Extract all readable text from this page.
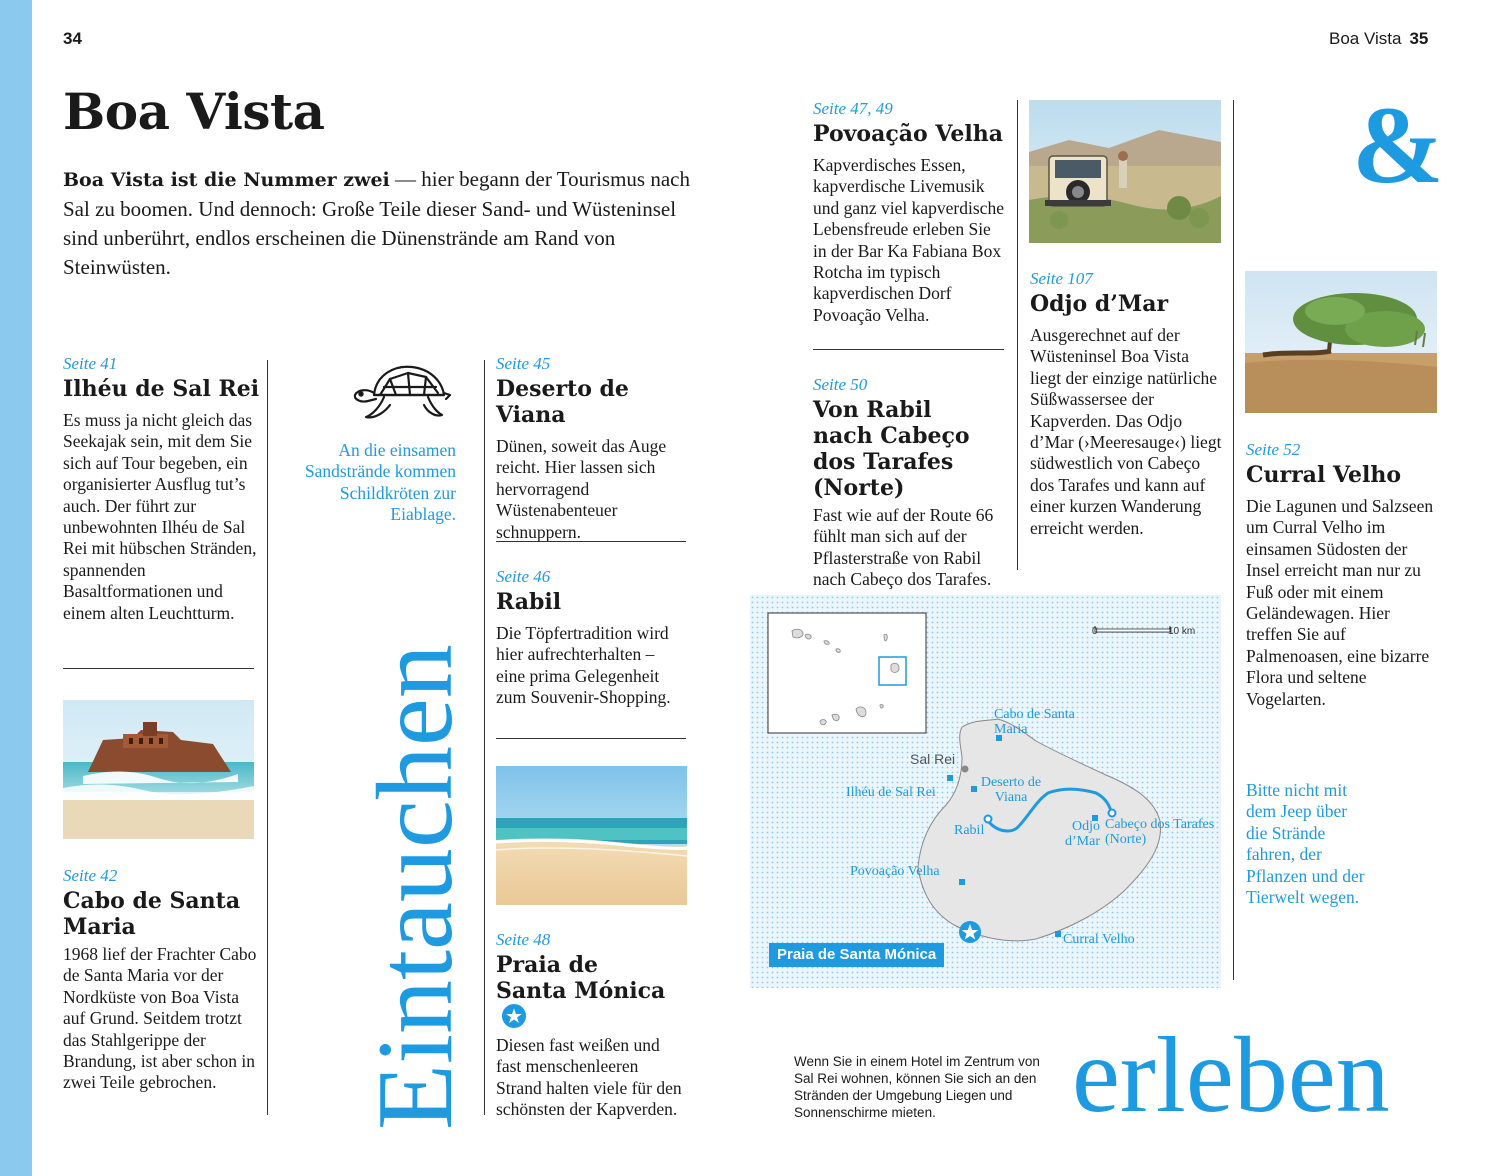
34	Boa Vista 35
Boa Vista
Boa Vista ist die Nummer zwei — hier begann der Tourismus nach Sal zu boomen. Und dennoch: Große Teile dieser Sand- und Wüsteninsel sind unberührt, endlos erscheinen die Dünenstrände am Rand von Steinwüsten.
Seite 41
Ilhéu de Sal Rei
Es muss ja nicht gleich das Seekajak sein, mit dem Sie sich auf Tour begeben, ein organisierter Ausflug tut’s auch. Der führt zur unbewohnten Ilhéu de Sal Rei mit hübschen Stränden, spannenden Basaltformationen und einem alten Leuchtturm.
Seite 42
Cabo de Santa Maria
1968 lief der Frachter Cabo de Santa Maria vor der Nordküste von Boa Vista auf Grund. Seitdem trotzt das Stahlgerippe der Brandung, ist aber schon in zwei Teile gebrochen.
An die einsamen Sandstrände kommen Schildkröten zur Eiablage.
Eintauchen
Seite 45
Deserto de Viana
Dünen, soweit das Auge reicht. Hier lassen sich hervorragend Wüstenabenteuer schnuppern.
Seite 46
Rabil
Die Töpfertradition wird hier aufrechterhalten – eine prima Gelegenheit zum Souvenir-Shopping.
Seite 48
Praia de Santa Mónica
Diesen fast weißen und fast menschenleeren Strand halten viele für den schönsten der Kapverden.
Seite 47, 49
Povoação Velha
Kapverdisches Essen, kapverdische Livemusik und ganz viel kapverdische Lebensfreude erleben Sie in der Bar Ka Fabiana Box Rotcha im typisch kapverdischen Dorf Povoação Velha.
Seite 50
Von Rabil nach Cabeço dos Tarafes (Norte)
Fast wie auf der Route 66 fühlt man sich auf der Pflasterstraße von Rabil nach Cabeço dos Tarafes.
Seite 107
Odjo d’Mar
Ausgerechnet auf der Wüsteninsel Boa Vista liegt der einzige natürliche Süßwassersee der Kapverden. Das Odjo d’Mar (›Meeresauge‹) liegt südwestlich von Cabeço dos Tarafes und kann auf einer kurzen Wanderung erreicht werden.
&
Seite 52
Curral Velho
Die Lagunen und Salzseen um Curral Velho im einsamen Südosten der Insel erreicht man nur zu Fuß oder mit einem Geländewagen. Hier treffen Sie auf Palmenoasen, eine bizarre Flora und seltene Vogelarten.
Bitte nicht mit dem Jeep über die Strände fahren, der Pflanzen und der Tierwelt wegen.
0	10 km
Cabo de Santa Maria
Sal Rei
Ilhéu de Sal Rei
Deserto de Viana
Rabil	Odjo d’Mar
Cabeço dos Tarafes (Norte)
Povoação Velha
Curral Velho
Praia de Santa Mónica
Wenn Sie in einem Hotel im Zentrum von Sal Rei wohnen, können Sie sich an den Stränden der Umgebung Liegen und Sonnenschirme mieten.	erleben
